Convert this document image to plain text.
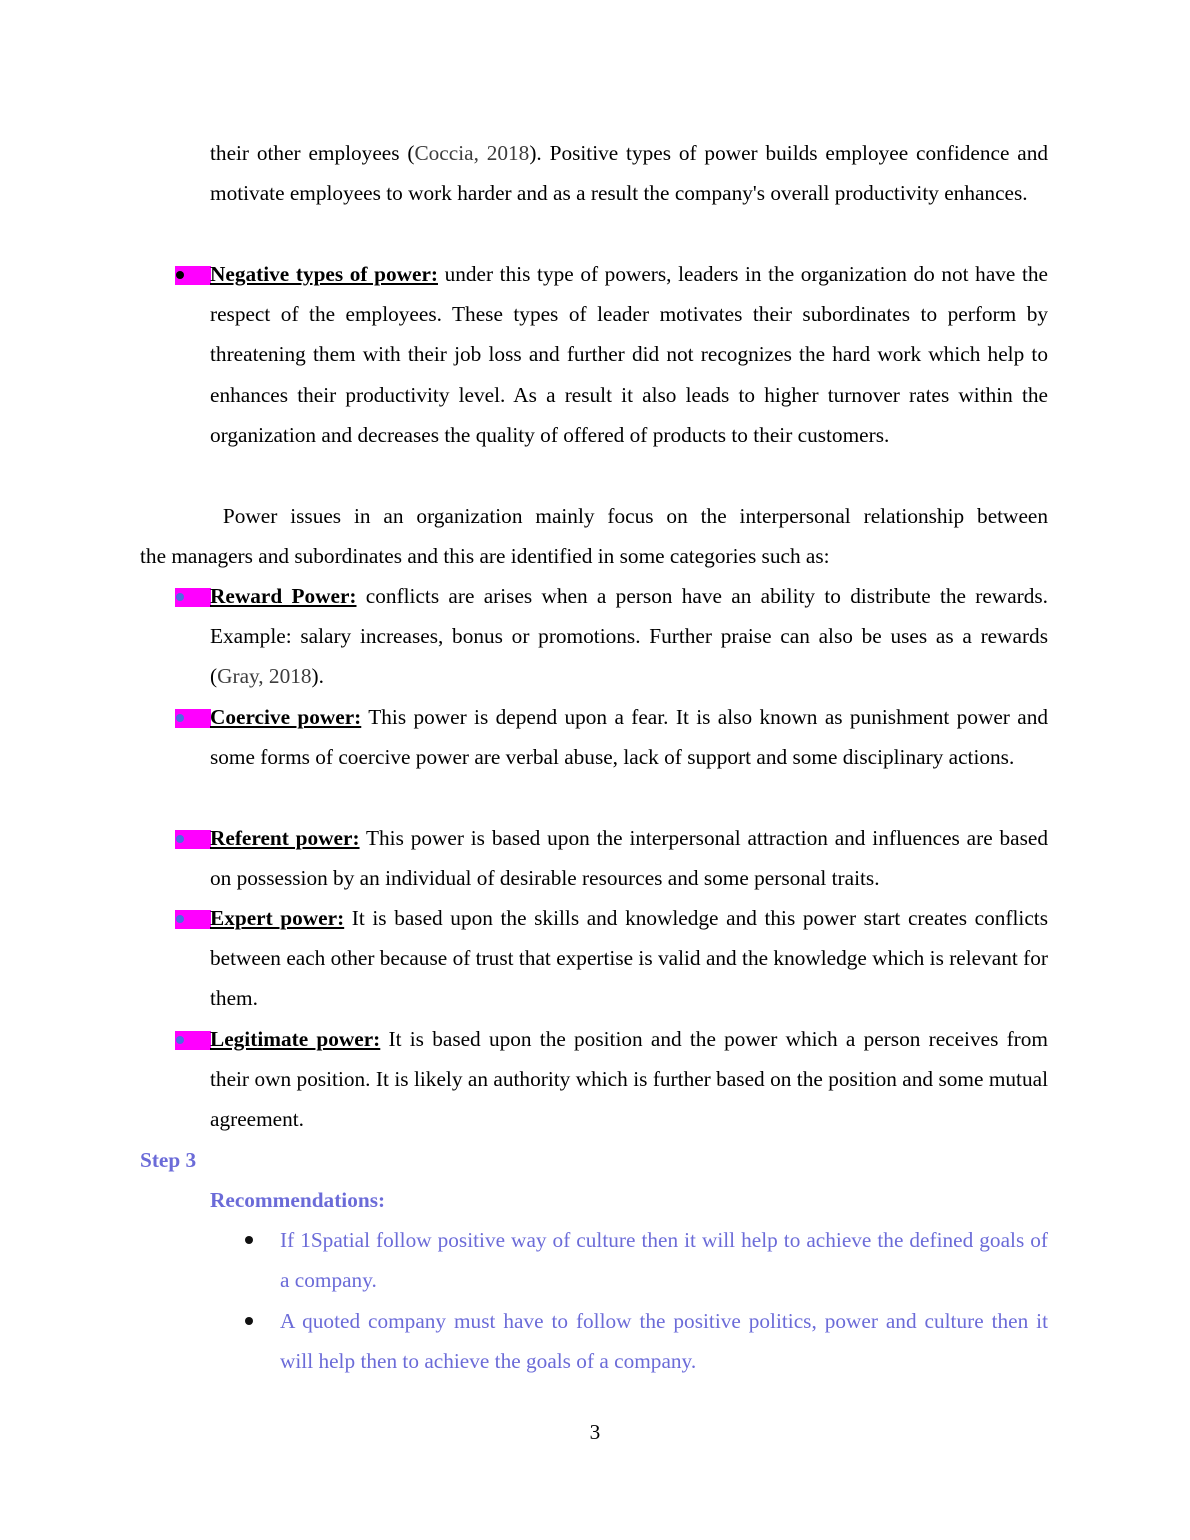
their other employees (Coccia, 2018). Positive types of power builds employee confidence and motivate employees to work harder and as a result the company's overall productivity enhances.

Negative types of power: under this type of powers, leaders in the organization do not have the respect of the employees. These types of leader motivates their subordinates to perform by threatening them with their job loss and further did not recognizes the hard work which help to enhances their productivity level. As a result it also leads to higher turnover rates within the organization and decreases the quality of offered of products to their customers.

Power issues in an organization mainly focus on the interpersonal relationship between

the managers and subordinates and this are identified in some categories such as:

Reward Power: conflicts are arises when a person have an ability to distribute the rewards. Example: salary increases, bonus or promotions. Further praise can also be uses as a rewards (Gray, 2018).

Coercive power: This power is depend upon a fear. It is also known as punishment power and some forms of coercive power are verbal abuse, lack of support and some disciplinary actions.

Referent power: This power is based upon the interpersonal attraction and influences are based on possession by an individual of desirable resources and some personal traits.

Expert power: It is based upon the skills and knowledge and this power start creates conflicts between each other because of trust that expertise is valid and the knowledge which is relevant for them.

Legitimate power: It is based upon the position and the power which a person receives from their own position. It is likely an authority which is further based on the position and some mutual agreement.

Step 3
Recommendations:

If 1Spatial follow positive way of culture then it will help to achieve the defined goals of a company.

A quoted company must have to follow the positive politics, power and culture then it will help then to achieve the goals of a company.

3
